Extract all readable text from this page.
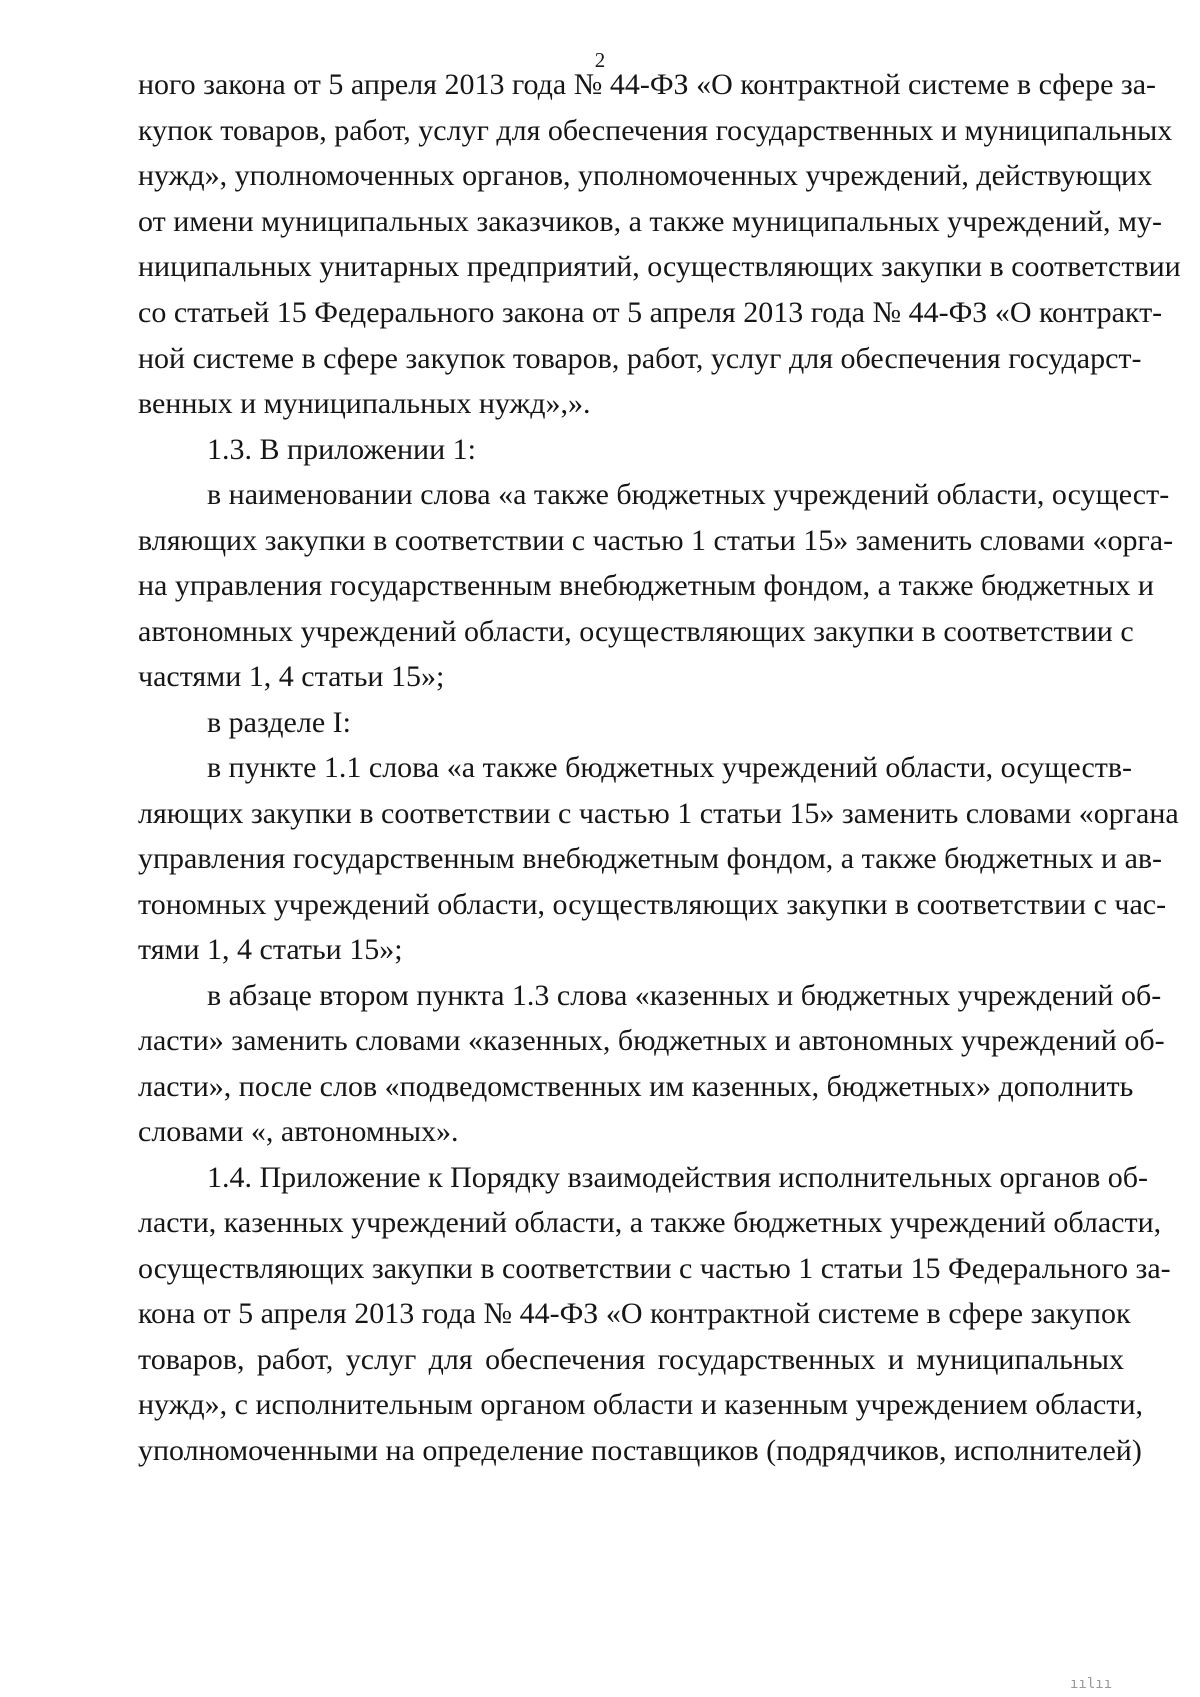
2
ного закона от 5 апреля 2013 года № 44-ФЗ «О контрактной системе в сфере за-
купок товаров, работ, услуг для обеспечения государственных и муниципальных
нужд», уполномоченных органов, уполномоченных учреждений, действующих
от имени муниципальных заказчиков, а также муниципальных учреждений, му-
ниципальных унитарных предприятий, осуществляющих закупки в соответствии
со статьей 15 Федерального закона от 5 апреля 2013 года № 44-ФЗ «О контракт-
ной системе в сфере закупок товаров, работ, услуг для обеспечения государст-
венных и муниципальных нужд»,».
1.3. В приложении 1:
в наименовании слова «а также бюджетных учреждений области, осущест-
вляющих закупки в соответствии с частью 1 статьи 15» заменить словами «орга-
на управления государственным внебюджетным фондом, а также бюджетных и
автономных учреждений области, осуществляющих закупки в соответствии с
частями 1, 4 статьи 15»;
в разделе I:
в пункте 1.1 слова «а также бюджетных учреждений области, осуществ-
ляющих закупки в соответствии с частью 1 статьи 15» заменить словами «органа
управления государственным внебюджетным фондом, а также бюджетных и ав-
тономных учреждений области, осуществляющих закупки в соответствии с час-
тями 1, 4 статьи 15»;
в абзаце втором пункта 1.3 слова «казенных и бюджетных учреждений об-
ласти» заменить словами «казенных, бюджетных и автономных учреждений об-
ласти», после слов «подведомственных им казенных, бюджетных» дополнить
словами «, автономных».
1.4. Приложение к Порядку взаимодействия исполнительных органов об-
ласти, казенных учреждений области, а также бюджетных учреждений области,
осуществляющих закупки в соответствии с частью 1 статьи 15 Федерального за-
кона от 5 апреля 2013 года № 44-ФЗ «О контрактной системе в сфере закупок
товаров, работ, услуг для обеспечения государственных и муниципальных
нужд», с исполнительным органом области и казенным учреждением области,
уполномоченными на определение поставщиков (подрядчиков, исполнителей)
ıılıı
